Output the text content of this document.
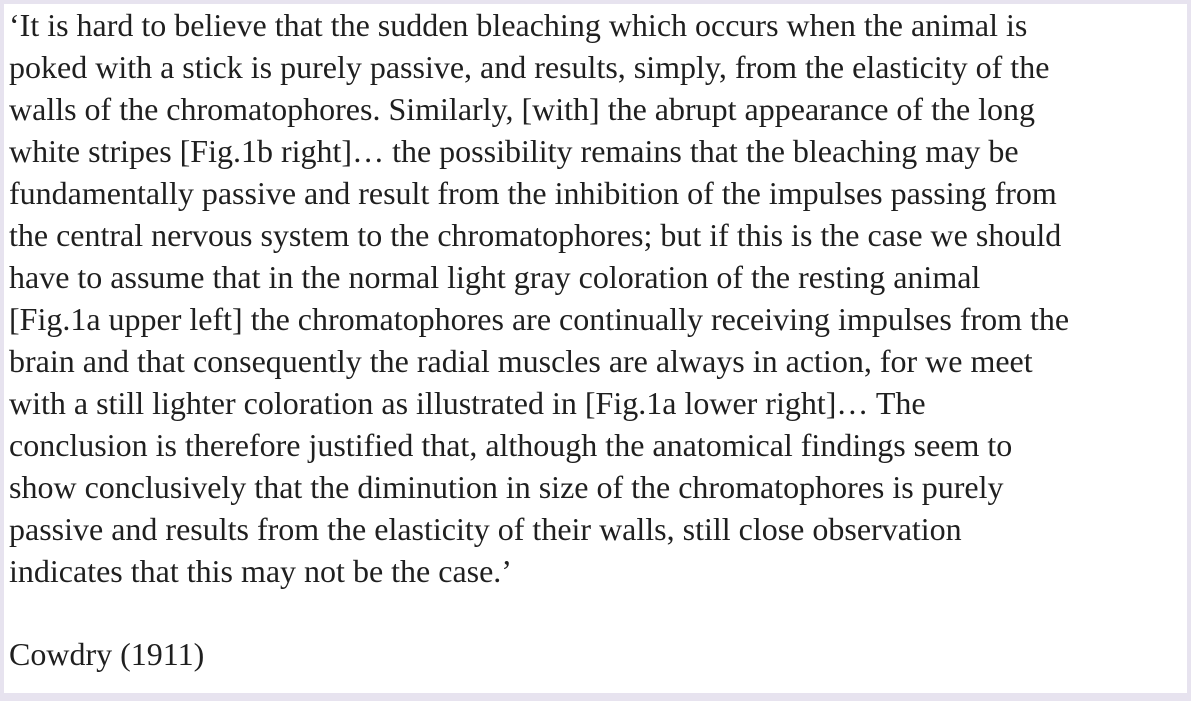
‘It is hard to believe that the sudden bleaching which occurs when the animal is

poked with a stick is purely passive, and results, simply, from the elasticity of the

walls of the chromatophores. Similarly, [with] the abrupt appearance of the long

white stripes [Fig.1b right]… the possibility remains that the bleaching may be

fundamentally passive and result from the inhibition of the impulses passing from

the central nervous system to the chromatophores; but if this is the case we should

have to assume that in the normal light gray coloration of the resting animal

[Fig.1a upper left] the chromatophores are continually receiving impulses from the

brain and that consequently the radial muscles are always in action, for we meet

with a still lighter coloration as illustrated in [Fig.1a lower right]… The

conclusion is therefore justified that, although the anatomical findings seem to

show conclusively that the diminution in size of the chromatophores is purely

passive and results from the elasticity of their walls, still close observation

indicates that this may not be the case.’

Cowdry (1911)
